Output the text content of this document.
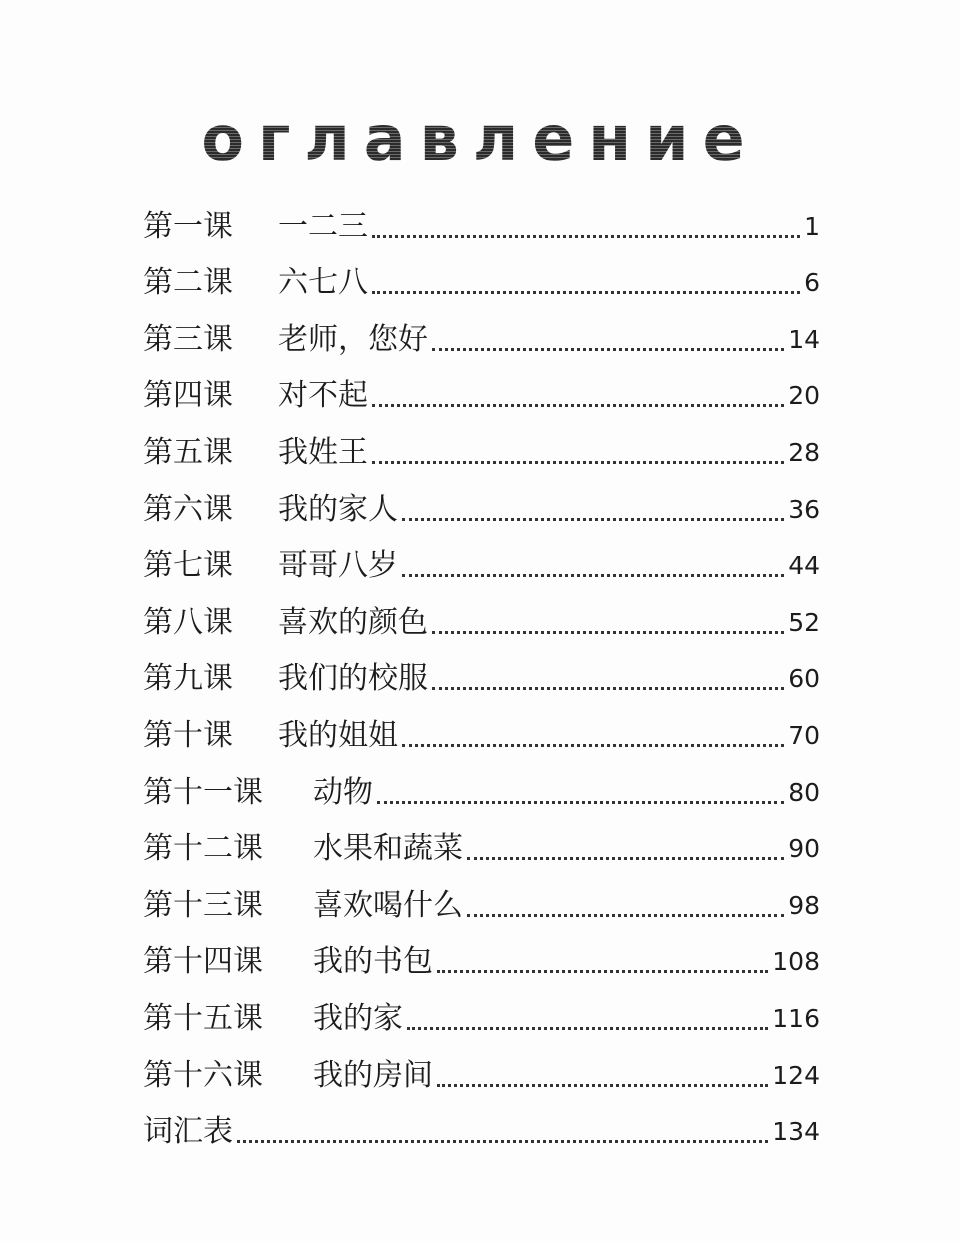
оглавление
第一课	一二三	1
第二课	六七八	6
第三课	老师，您好	14
第四课	对不起	20
第五课	我姓王	28
第六课	我的家人	36
第七课	哥哥八岁	44
第八课	喜欢的颜色	52
第九课	我们的校服	60
第十课	我的姐姐	70
第十一课	动物	80
第十二课	水果和蔬菜	90
第十三课	喜欢喝什么	98
第十四课	我的书包	108
第十五课	我的家	116
第十六课	我的房间	124
词汇表	134
